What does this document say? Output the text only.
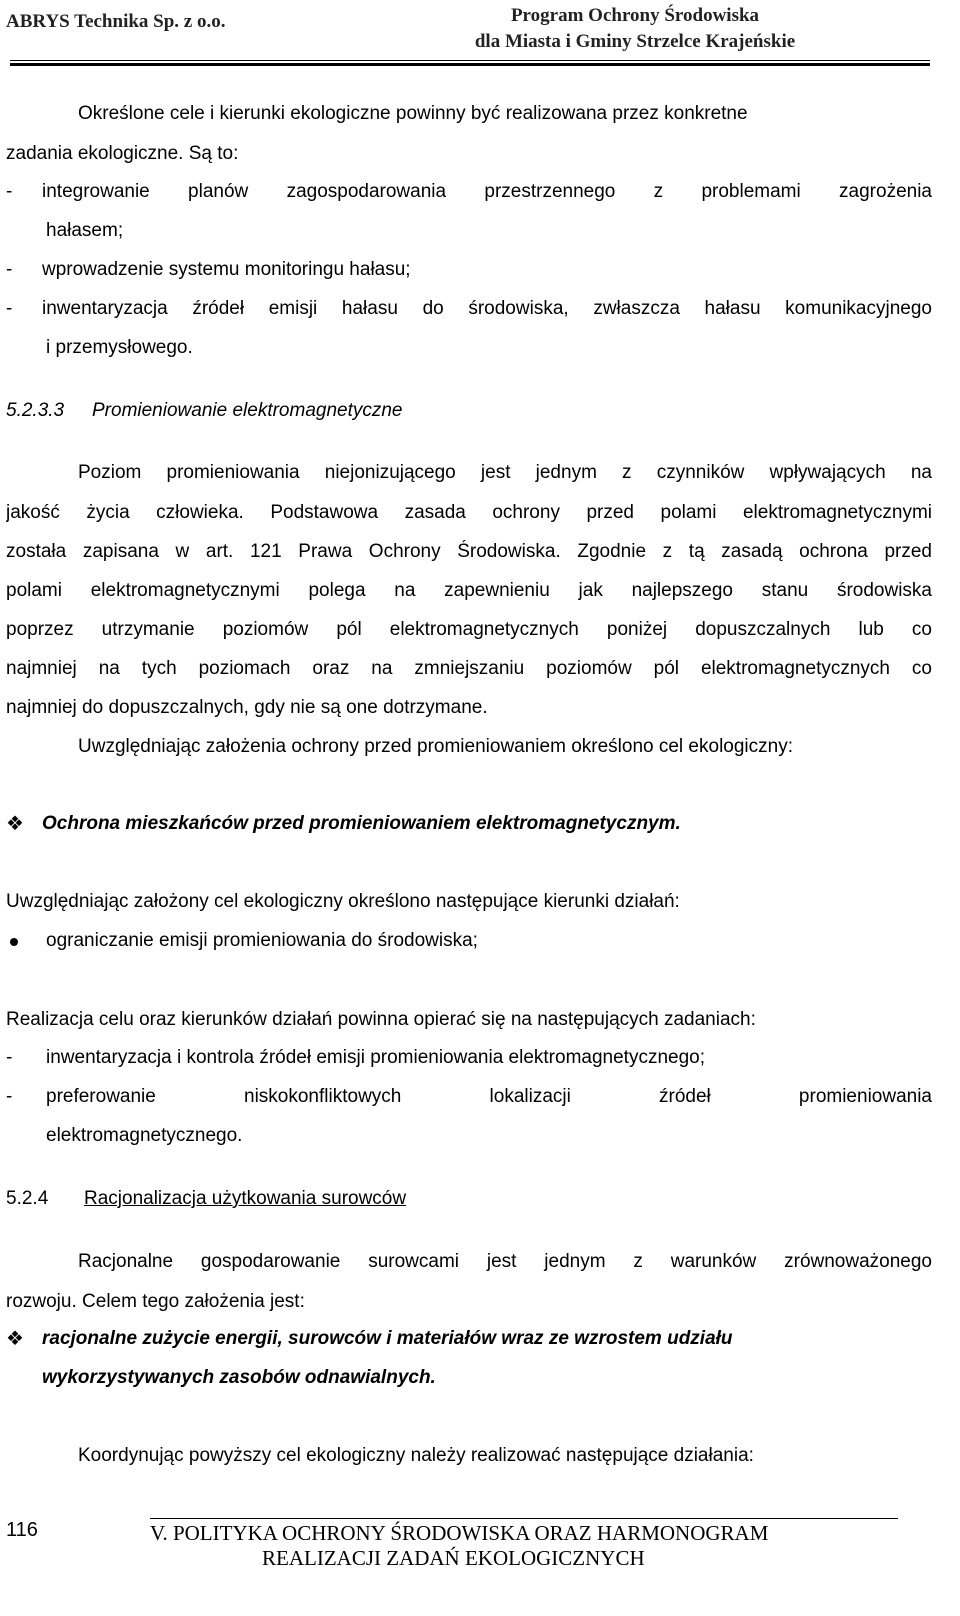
ABRYS Technika Sp. z o.o.	Program Ochrony Środowiska
dla Miasta i Gminy Strzelce Krajeńskie
Określone cele i kierunki ekologiczne powinny być realizowana przez konkretne
zadania ekologiczne. Są to:
- integrowanie planów zagospodarowania przestrzennego z problemami zagrożenia
hałasem;
- wprowadzenie systemu monitoringu hałasu;
- inwentaryzacja źródeł emisji hałasu do środowiska, zwłaszcza hałasu komunikacyjnego
i przemysłowego.
5.2.3.3 Promieniowanie elektromagnetyczne
Poziom promieniowania niejonizującego jest jednym z czynników wpływających na
jakość życia człowieka. Podstawowa zasada ochrony przed polami elektromagnetycznymi
została zapisana w art. 121 Prawa Ochrony Środowiska. Zgodnie z tą zasadą ochrona przed
polami elektromagnetycznymi polega na zapewnieniu jak najlepszego stanu środowiska
poprzez utrzymanie poziomów pól elektromagnetycznych poniżej dopuszczalnych lub co
najmniej na tych poziomach oraz na zmniejszaniu poziomów pól elektromagnetycznych co
najmniej do dopuszczalnych, gdy nie są one dotrzymane.
Uwzględniając założenia ochrony przed promieniowaniem określono cel ekologiczny:
❖ Ochrona mieszkańców przed promieniowaniem elektromagnetycznym.
Uwzględniając założony cel ekologiczny określono następujące kierunki działań:
ograniczanie emisji promieniowania do środowiska;
Realizacja celu oraz kierunków działań powinna opierać się na następujących zadaniach:
- inwentaryzacja i kontrola źródeł emisji promieniowania elektromagnetycznego;
- preferowanie niskokonfliktowych lokalizacji źródeł promieniowania
elektromagnetycznego.
5.2.4 Racjonalizacja użytkowania surowców
Racjonalne gospodarowanie surowcami jest jednym z warunków zrównoważonego
rozwoju. Celem tego założenia jest:
❖ racjonalne zużycie energii, surowców i materiałów wraz ze wzrostem udziału
wykorzystywanych zasobów odnawialnych.
Koordynując powyższy cel ekologiczny należy realizować następujące działania:
116	V. POLITYKA OCHRONY ŚRODOWISKA ORAZ HARMONOGRAM
REALIZACJI ZADAŃ EKOLOGICZNYCH
